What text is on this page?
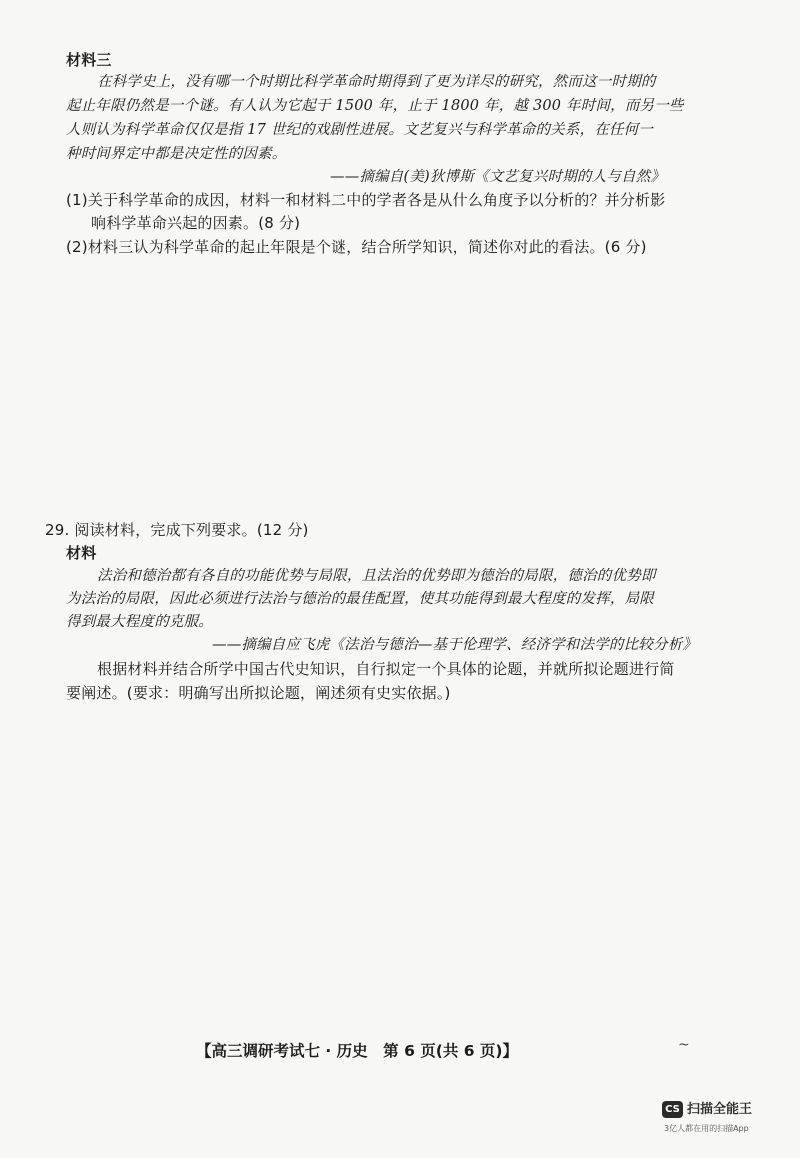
材料三
在科学史上，没有哪一个时期比科学革命时期得到了更为详尽的研究，然而这一时期的
起止年限仍然是一个谜。有人认为它起于 1500 年，止于 1800 年，越 300 年时间，而另一些
人则认为科学革命仅仅是指 17 世纪的戏剧性进展。文艺复兴与科学革命的关系，在任何一
种时间界定中都是决定性的因素。
——摘编自(美)狄博斯《文艺复兴时期的人与自然》
(1)关于科学革命的成因，材料一和材料二中的学者各是从什么角度予以分析的？并分析影
响科学革命兴起的因素。(8 分)
(2)材料三认为科学革命的起止年限是个谜，结合所学知识，简述你对此的看法。(6 分)
29. 阅读材料，完成下列要求。(12 分)
材料
法治和德治都有各自的功能优势与局限，且法治的优势即为德治的局限，德治的优势即
为法治的局限，因此必须进行法治与德治的最佳配置，使其功能得到最大程度的发挥，局限
得到最大程度的克服。
——摘编自应飞虎《法治与德治—基于伦理学、经济学和法学的比较分析》
根据材料并结合所学中国古代史知识，自行拟定一个具体的论题，并就所拟论题进行简
要阐述。(要求：明确写出所拟论题，阐述须有史实依据。)
【高三调研考试七 · 历史　第 6 页(共 6 页)】	~
CS 扫描全能王
3亿人都在用的扫描App
